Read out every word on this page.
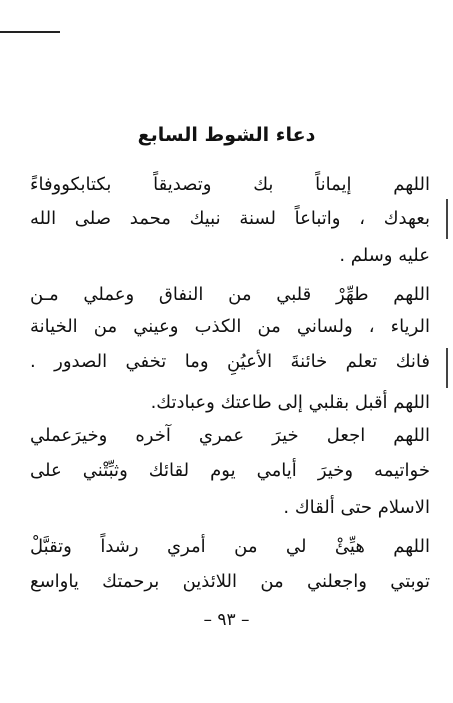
دعاء الشوط السابع
اللهم إيماناً بك وتصديقاً بكتابكووفاءً
بعهدك ، واتباعاً لسنة نبيك محمد صلى الله
عليه وسلم .
اللهم طهِّرْ قلبي من النفاق وعملي مـن
الرياء ، ولساني من الكذب وعيني من الخيانة
فانك تعلم خائنةَ الأعيُنِ وما تخفي الصدور .
اللهم أقبل بقلبي إلى طاعتك وعبادتك.
اللهم اجعل خيرَ عمري آخره وخيرَعملي
خواتيمه وخيرَ أيامي يوم لقائك وثبِّتْني على
الاسلام حتى ألقاك .
اللهم هيِّئْ لي من أمري رشداً وتقبَّلْ
توبتي واجعلني من اللائذين برحمتك ياواسع
– ٩٣ –
